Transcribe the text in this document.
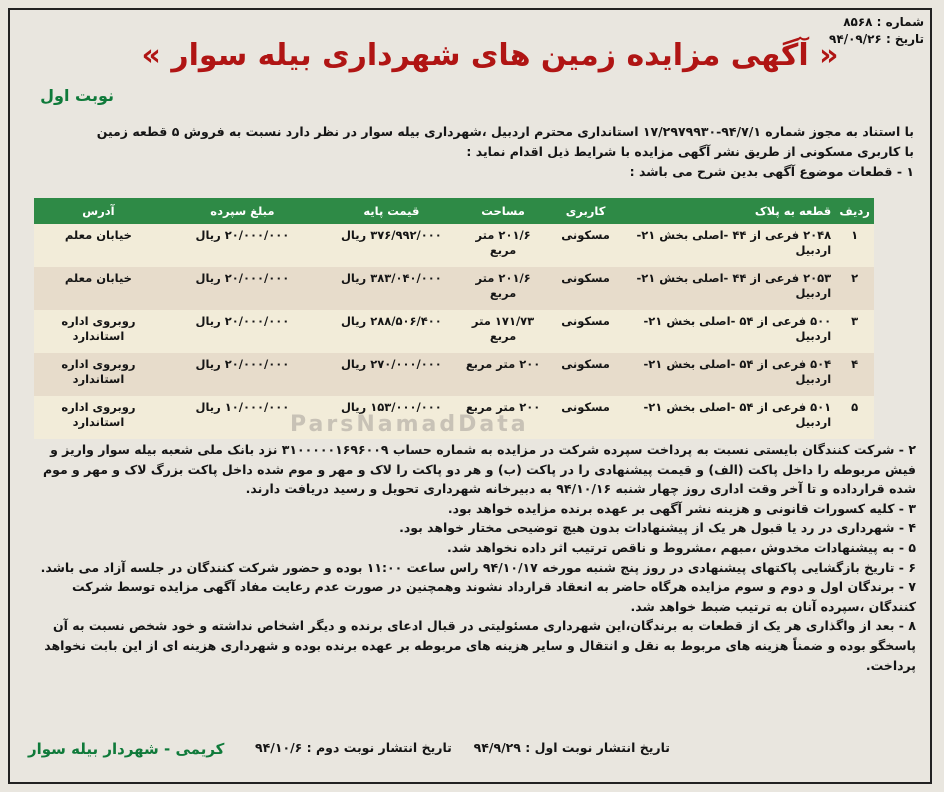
شماره : ۸۵۶۸
تاریخ : ۹۴/۰۹/۲۶
« آگهی مزایده زمین های شهرداری بیله سوار »
نوبت اول
با استناد به مجوز شماره ۹۴/۷/۱-۱۷/۲۹۷۹۹۳۰ استانداری محترم اردبیل ،شهرداری بیله سوار در نظر دارد نسبت به فروش ۵ قطعه زمین
با کاربری مسکونی از طریق نشر آگهی مزایده با شرایط ذیل اقدام نماید :
۱ - قطعات موضوع آگهی بدین شرح می باشد :
ردیف	قطعه به پلاک	کاربری	مساحت	قیمت پایه	مبلغ سپرده	آدرس
۱	۲۰۴۸ فرعی از ۴۴ -اصلی بخش ۲۱- اردبیل	مسکونی	۲۰۱/۶ متر مربع	۳۷۶/۹۹۲/۰۰۰ ریال	۲۰/۰۰۰/۰۰۰ ریال	خیابان معلم
۲	۲۰۵۳ فرعی از ۴۴ -اصلی بخش ۲۱- اردبیل	مسکونی	۲۰۱/۶ متر مربع	۳۸۳/۰۴۰/۰۰۰ ریال	۲۰/۰۰۰/۰۰۰ ریال	خیابان معلم
۳	۵۰۰ فرعی از ۵۴ -اصلی بخش ۲۱- اردبیل	مسکونی	۱۷۱/۷۳ متر مربع	۲۸۸/۵۰۶/۴۰۰ ریال	۲۰/۰۰۰/۰۰۰ ریال	روبروی اداره استاندارد
۴	۵۰۴ فرعی از ۵۴ -اصلی بخش ۲۱- اردبیل	مسکونی	۲۰۰ متر مربع	۲۷۰/۰۰۰/۰۰۰ ریال	۲۰/۰۰۰/۰۰۰ ریال	روبروی اداره استاندارد
۵	۵۰۱ فرعی از ۵۴ -اصلی بخش ۲۱- اردبیل	مسکونی	۲۰۰ متر مربع	۱۵۳/۰۰۰/۰۰۰ ریال	۱۰/۰۰۰/۰۰۰ ریال	روبروی اداره استاندارد	ParsNamadData

۲ - شرکت کنندگان بایستی نسبت به پرداخت سپرده شرکت در مزایده به شماره حساب ۳۱۰۰۰۰۰۱۶۹۶۰۰۹ نزد بانک ملی شعبه بیله سوار واریز و فیش مربوطه را داخل پاکت (الف) و قیمت پیشنهادی را در پاکت (ب) و هر دو پاکت را لاک و مهر و موم شده داخل پاکت بزرگ لاک و مهر و موم شده قرارداده و تا آخر وقت اداری روز چهار شنبه ۹۴/۱۰/۱۶ به دبیرخانه شهرداری تحویل و رسید دریافت دارند.

۳ - کلیه کسورات قانونی و هزینه نشر آگهی بر عهده برنده مزایده خواهد بود.

۴ - شهرداری در رد یا قبول هر یک از پیشنهادات بدون هیچ توضیحی مختار خواهد بود.

۵ - به پیشنهادات مخدوش ،مبهم ،مشروط و ناقص ترتیب اثر داده نخواهد شد.

۶ - تاریخ بازگشایی پاکتهای پیشنهادی در روز پنج شنبه مورخه ۹۴/۱۰/۱۷ راس ساعت ۱۱:۰۰ بوده و حضور شرکت کنندگان در جلسه آزاد می باشد.

۷ - برندگان اول و دوم و سوم مزایده هرگاه حاضر به انعقاد قرارداد نشوند وهمچنین در صورت عدم رعایت مفاد آگهی مزایده توسط شرکت کنندگان ،سپرده آنان به ترتیب ضبط خواهد شد.

۸ - بعد از واگذاری هر یک از قطعات به برندگان،این شهرداری مسئولیتی در قبال ادعای برنده و دیگر اشخاص نداشته و خود شخص نسبت به آن پاسخگو بوده و ضمناً هزینه های مربوط به نقل و انتقال و سایر هزینه های مربوطه بر عهده برنده بوده و شهرداری هزینه ای از این بابت نخواهد پرداخت.

تاریخ انتشار نوبت اول : ۹۴/۹/۲۹     تاریخ انتشار نوبت دوم : ۹۴/۱۰/۶
کریمی - شهردار بیله سوار
